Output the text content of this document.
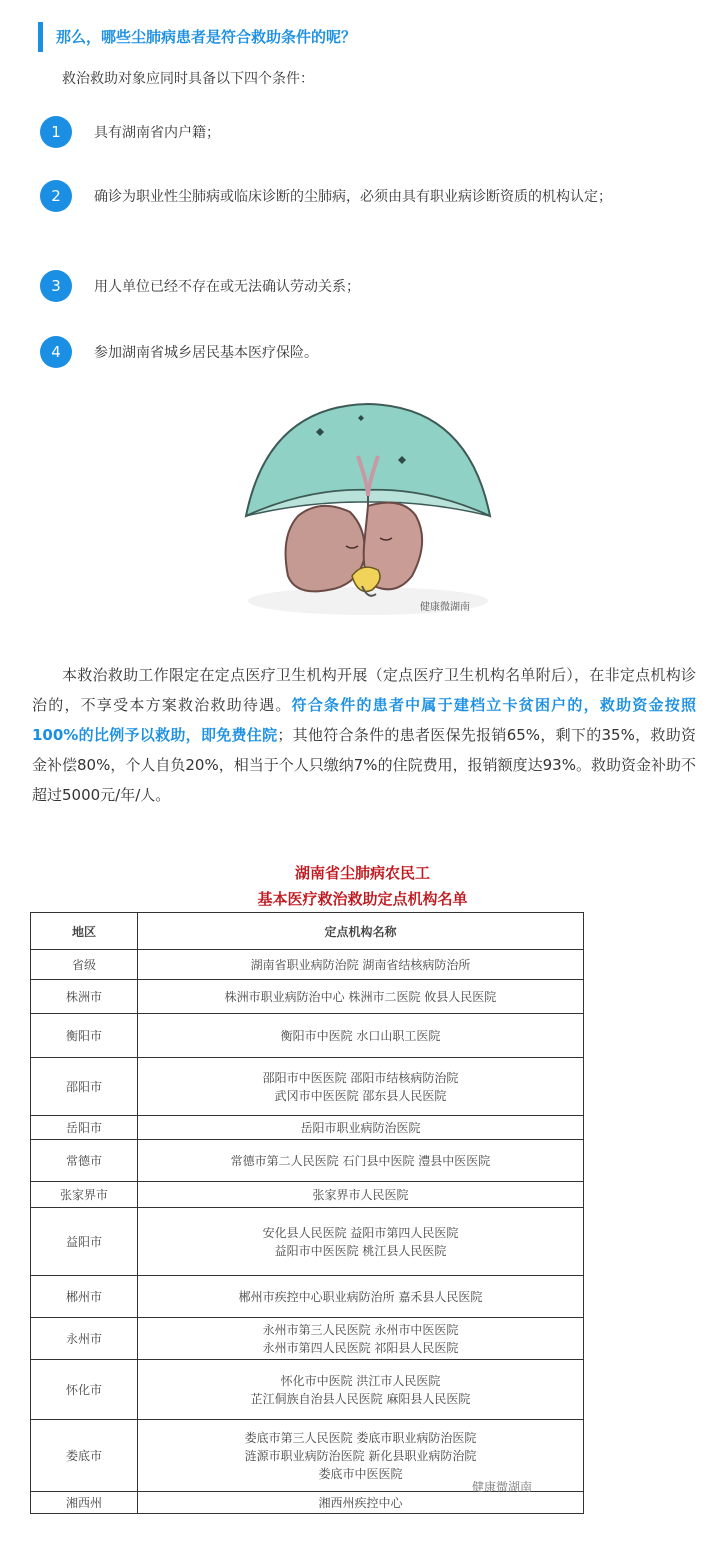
那么，哪些尘肺病患者是符合救助条件的呢？
救治救助对象应同时具备以下四个条件：
1	具有湖南省内户籍；
2	确诊为职业性尘肺病或临床诊断的尘肺病，必须由具有职业病诊断资质的机构认定；
3	用人单位已经不存在或无法确认劳动关系；
4	参加湖南省城乡居民基本医疗保险。
健康微湖南
本救治救助工作限定在定点医疗卫生机构开展（定点医疗卫生机构名单附后），在非定点机构诊治的，不享受本方案救治救助待遇。符合条件的患者中属于建档立卡贫困户的，救助资金按照 100%的比例予以救助，即免费住院；其他符合条件的患者医保先报销65%，剩下的35%，救助资金补偿80%，个人自负20%，相当于个人只缴纳7%的住院费用，报销额度达93%。救助资金补助不超过5000元/年/人。
湖南省尘肺病农民工
基本医疗救治救助定点机构名单
地区	定点机构名称
省级	湖南省职业病防治院 湖南省结核病防治所

株洲市	株洲市职业病防治中心 株洲市二医院 攸县人民医院

衡阳市	衡阳市中医院 水口山职工医院

邵阳市	邵阳市中医医院 邵阳市结核病防治院
武冈市中医医院 邵东县人民医院

岳阳市	岳阳市职业病防治医院

常德市	常德市第二人民医院 石门县中医院 澧县中医医院

张家界市	张家界市人民医院

益阳市	安化县人民医院 益阳市第四人民医院
益阳市中医医院 桃江县人民医院

郴州市	郴州市疾控中心职业病防治所 嘉禾县人民医院

永州市	永州市第三人民医院 永州市中医医院
永州市第四人民医院 祁阳县人民医院

怀化市	怀化市中医院 洪江市人民医院
芷江侗族自治县人民医院 麻阳县人民医院

娄底市	娄底市第三人民医院 娄底市职业病防治医院
涟源市职业病防治医院 新化县职业病防治院
娄底市中医医院

湘西州	湘西州疾控中心
健康微湖南
